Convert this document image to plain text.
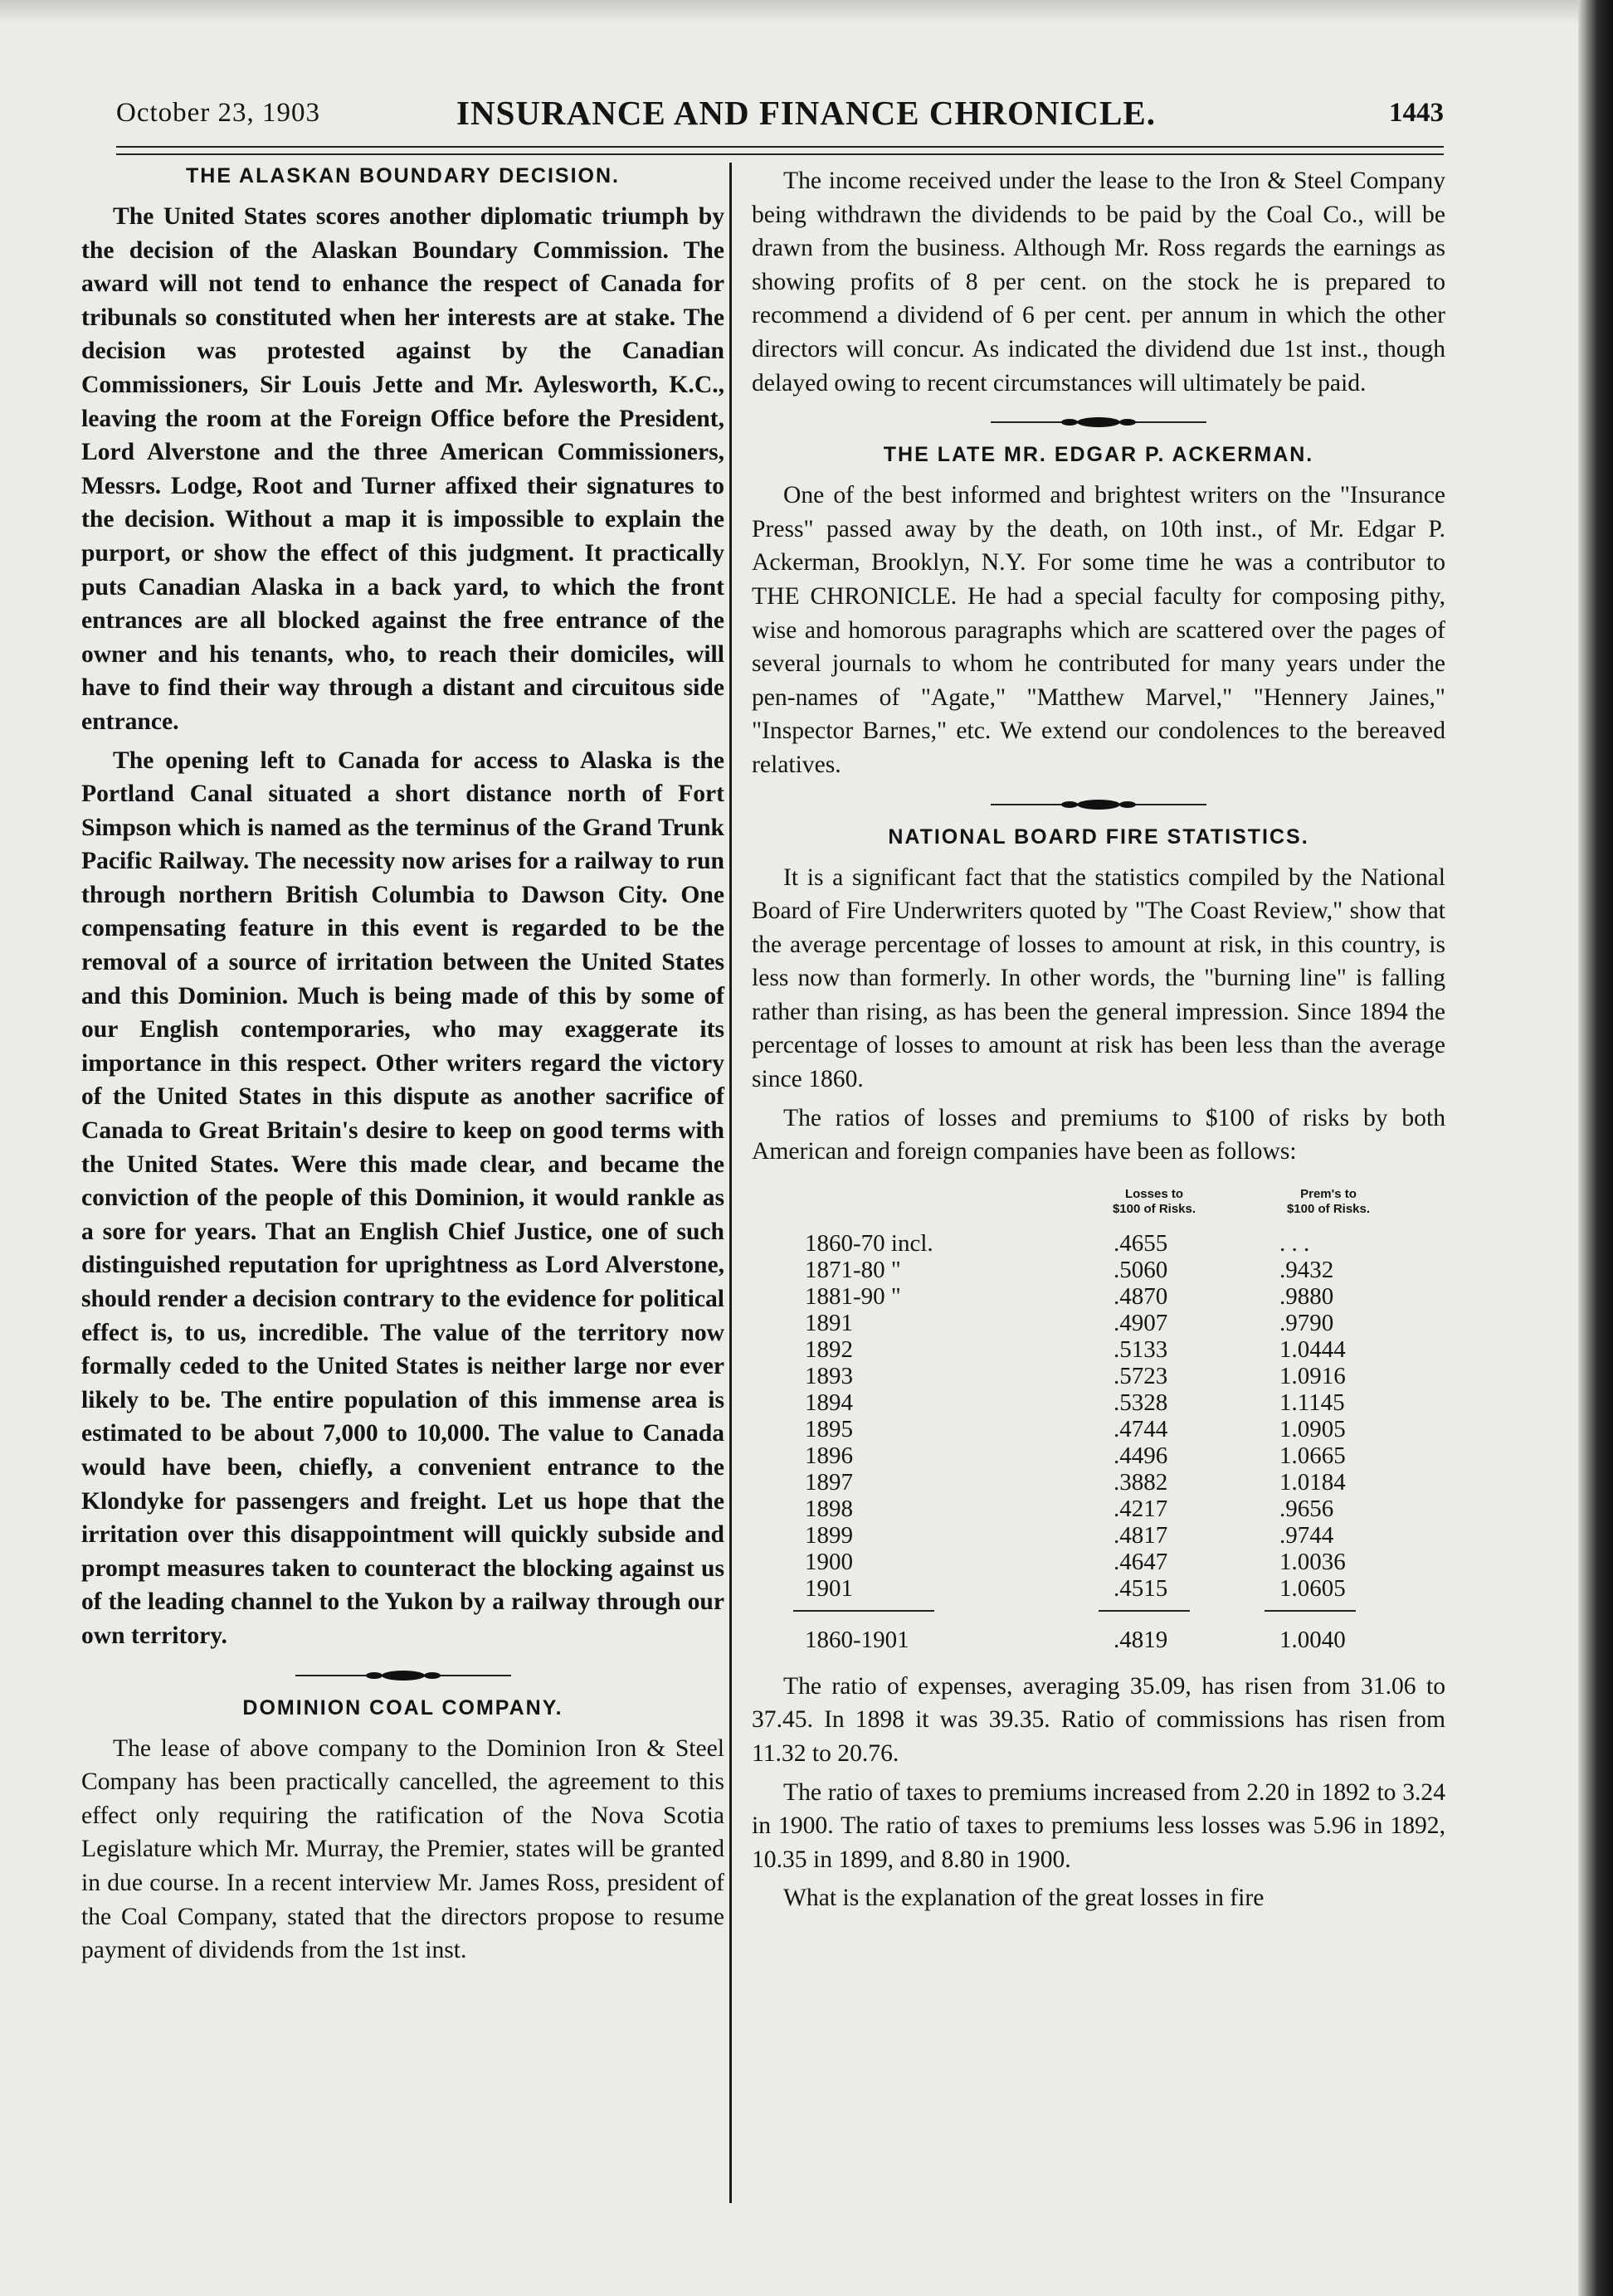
October 23, 1903	INSURANCE AND FINANCE CHRONICLE.	1443
THE ALASKAN BOUNDARY DECISION.

The United States scores another diplomatic triumph by the decision of the Alaskan Boundary Commission. The award will not tend to enhance the respect of Canada for tribunals so constituted when her interests are at stake. The decision was protested against by the Canadian Commissioners, Sir Louis Jette and Mr. Aylesworth, K.C., leaving the room at the Foreign Office before the President, Lord Alverstone and the three American Commissioners, Messrs. Lodge, Root and Turner affixed their signatures to the decision. Without a map it is impossible to explain the purport, or show the effect of this judgment. It practically puts Canadian Alaska in a back yard, to which the front entrances are all blocked against the free entrance of the owner and his tenants, who, to reach their domiciles, will have to find their way through a distant and circuitous side entrance.

The opening left to Canada for access to Alaska is the Portland Canal situated a short distance north of Fort Simpson which is named as the terminus of the Grand Trunk Pacific Railway. The necessity now arises for a railway to run through northern British Columbia to Dawson City. One compensating feature in this event is regarded to be the removal of a source of irritation between the United States and this Dominion. Much is being made of this by some of our English contemporaries, who may exaggerate its importance in this respect. Other writers regard the victory of the United States in this dispute as another sacrifice of Canada to Great Britain's desire to keep on good terms with the United States. Were this made clear, and became the conviction of the people of this Dominion, it would rankle as a sore for years. That an English Chief Justice, one of such distinguished reputation for uprightness as Lord Alverstone, should render a decision contrary to the evidence for political effect is, to us, incredible. The value of the territory now formally ceded to the United States is neither large nor ever likely to be. The entire population of this immense area is estimated to be about 7,000 to 10,000. The value to Canada would have been, chiefly, a convenient entrance to the Klondyke for passengers and freight. Let us hope that the irritation over this disappointment will quickly subside and prompt measures taken to counteract the blocking against us of the leading channel to the Yukon by a railway through our own territory.

DOMINION COAL COMPANY.

The lease of above company to the Dominion Iron & Steel Company has been practically cancelled, the agreement to this effect only requiring the ratification of the Nova Scotia Legislature which Mr. Murray, the Premier, states will be granted in due course. In a recent interview Mr. James Ross, president of the Coal Company, stated that the directors propose to resume payment of dividends from the 1st inst.

The income received under the lease to the Iron & Steel Company being withdrawn the dividends to be paid by the Coal Co., will be drawn from the business. Although Mr. Ross regards the earnings as showing profits of 8 per cent. on the stock he is prepared to recommend a dividend of 6 per cent. per annum in which the other directors will concur. As indicated the dividend due 1st inst., though delayed owing to recent circumstances will ultimately be paid.

THE LATE MR. EDGAR P. ACKERMAN.

One of the best informed and brightest writers on the "Insurance Press" passed away by the death, on 10th inst., of Mr. Edgar P. Ackerman, Brooklyn, N.Y. For some time he was a contributor to THE CHRONICLE. He had a special faculty for composing pithy, wise and homorous paragraphs which are scattered over the pages of several journals to whom he contributed for many years under the pen-names of "Agate," "Matthew Marvel," "Hennery Jaines," "Inspector Barnes," etc. We extend our condolences to the bereaved relatives.

NATIONAL BOARD FIRE STATISTICS.

It is a significant fact that the statistics compiled by the National Board of Fire Underwriters quoted by "The Coast Review," show that the average percentage of losses to amount at risk, in this country, is less now than formerly. In other words, the "burning line" is falling rather than rising, as has been the general impression. Since 1894 the percentage of losses to amount at risk has been less than the average since 1860.

The ratios of losses and premiums to $100 of risks by both American and foreign companies have been as follows:

Losses to
$100 of Risks.
Prem's to
$100 of Risks.
1860-70 incl.	.4655	. . .
1871-80 "	.5060	.9432
1881-90 "	.4870	.9880
1891	.4907	.9790
1892	.5133	1.0444
1893	.5723	1.0916
1894	.5328	1.1145
1895	.4744	1.0905
1896	.4496	1.0665
1897	.3882	1.0184
1898	.4217	.9656
1899	.4817	.9744
1900	.4647	1.0036
1901	.4515	1.0605
1860-1901	.4819	1.0040

The ratio of expenses, averaging 35.09, has risen from 31.06 to 37.45. In 1898 it was 39.35. Ratio of commissions has risen from 11.32 to 20.76.

The ratio of taxes to premiums increased from 2.20 in 1892 to 3.24 in 1900. The ratio of taxes to premiums less losses was 5.96 in 1892, 10.35 in 1899, and 8.80 in 1900.

What is the explanation of the great losses in fire
